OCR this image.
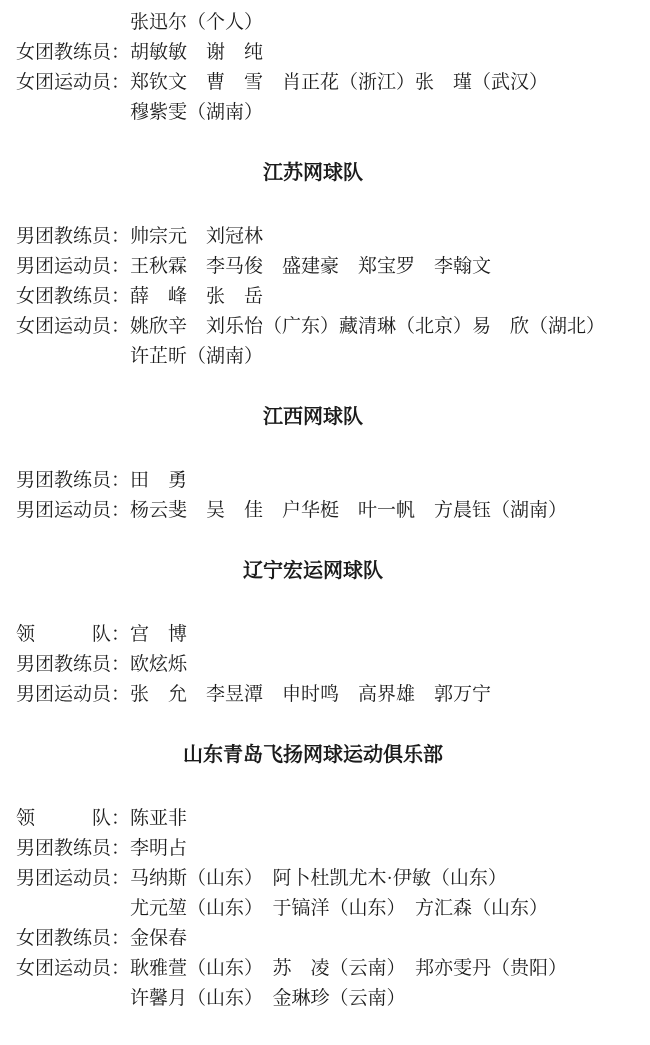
张迅尔（个人）
女团教练员：胡敏敏　谢　纯
女团运动员：郑钦文　曹　雪　肖正花（浙江）张　瑾（武汉）
穆紫雯（湖南）
江苏网球队
男团教练员：帅宗元　刘冠林
男团运动员：王秋霖　李马俊　盛建豪　郑宝罗　李翰文
女团教练员：薛　峰　张　岳
女团运动员：姚欣辛　刘乐怡（广东）藏清琳（北京）易　欣（湖北）
许芷昕（湖南）
江西网球队
男团教练员：田　勇
男团运动员：杨云斐　吴　佳　户华梃　叶一帆　方晨钰（湖南）
辽宁宏运网球队
领队：宫　博
男团教练员：欧炫烁
男团运动员：张　允　李昱潭　申时鸣　高界雄　郭万宁
山东青岛飞扬网球运动俱乐部
领队：陈亚非
男团教练员：李明占
男团运动员：马纳斯（山东）　阿卜杜凯尤木·伊敏（山东）
尤元堃（山东）　于镐洋（山东）　方汇森（山东）
女团教练员：金保春
女团运动员：耿雅萱（山东）　苏　凌（云南）　邦亦雯丹（贵阳）
许馨月（山东）　金琳珍（云南）
